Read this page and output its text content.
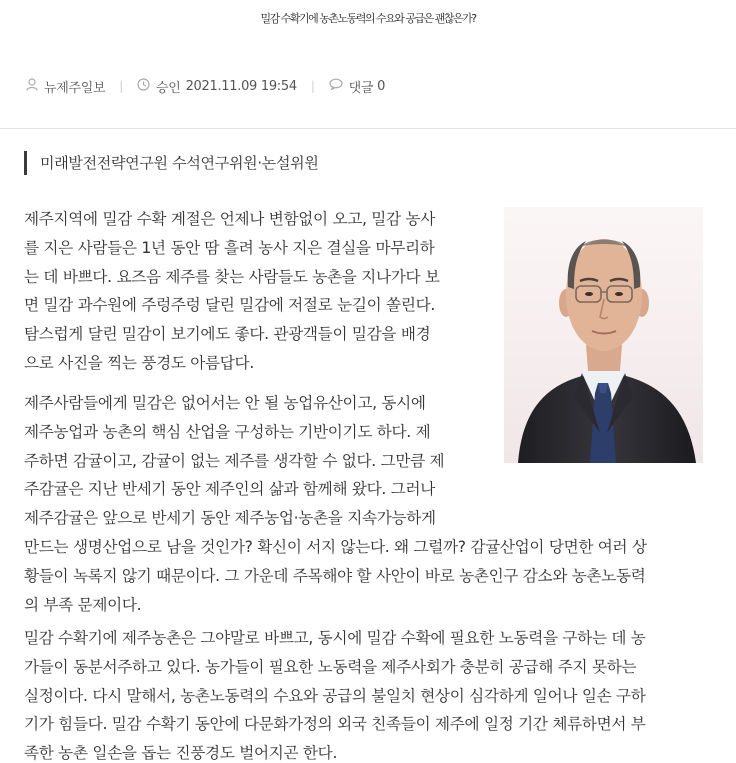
밀감 수확기에 농촌노동력의 수요와 공급은 괜찮은가?
뉴제주일보 |	승인 2021.11.09 19:54 |	댓글 0
미래발전전략연구원 수석연구위원·논설위원
제주지역에 밀감 수확 계절은 언제나 변함없이 오고, 밀감 농사
를 지은 사람들은 1년 동안 땀 흘려 농사 지은 결실을 마무리하
는 데 바쁘다. 요즈음 제주를 찾는 사람들도 농촌을 지나가다 보
면 밀감 과수원에 주렁주렁 달린 밀감에 저절로 눈길이 쏠린다.
탐스럽게 달린 밀감이 보기에도 좋다. 관광객들이 밀감을 배경
으로 사진을 찍는 풍경도 아름답다.
제주사람들에게 밀감은 없어서는 안 될 농업유산이고, 동시에
제주농업과 농촌의 핵심 산업을 구성하는 기반이기도 하다. 제
주하면 감귤이고, 감귤이 없는 제주를 생각할 수 없다. 그만큼 제
주감귤은 지난 반세기 동안 제주인의 삶과 함께해 왔다. 그러나
제주감귤은 앞으로 반세기 동안 제주농업·농촌을 지속가능하게
만드는 생명산업으로 남을 것인가? 확신이 서지 않는다. 왜 그럴까? 감귤산업이 당면한 여러 상
황들이 녹록지 않기 때문이다. 그 가운데 주목해야 할 사안이 바로 농촌인구 감소와 농촌노동력
의 부족 문제이다.
밀감 수확기에 제주농촌은 그야말로 바쁘고, 동시에 밀감 수확에 필요한 노동력을 구하는 데 농
가들이 동분서주하고 있다. 농가들이 필요한 노동력을 제주사회가 충분히 공급해 주지 못하는
실정이다. 다시 말해서, 농촌노동력의 수요와 공급의 불일치 현상이 심각하게 일어나 일손 구하
기가 힘들다. 밀감 수확기 동안에 다문화가정의 외국 친족들이 제주에 일정 기간 체류하면서 부
족한 농촌 일손을 돕는 진풍경도 벌어지곤 한다.
